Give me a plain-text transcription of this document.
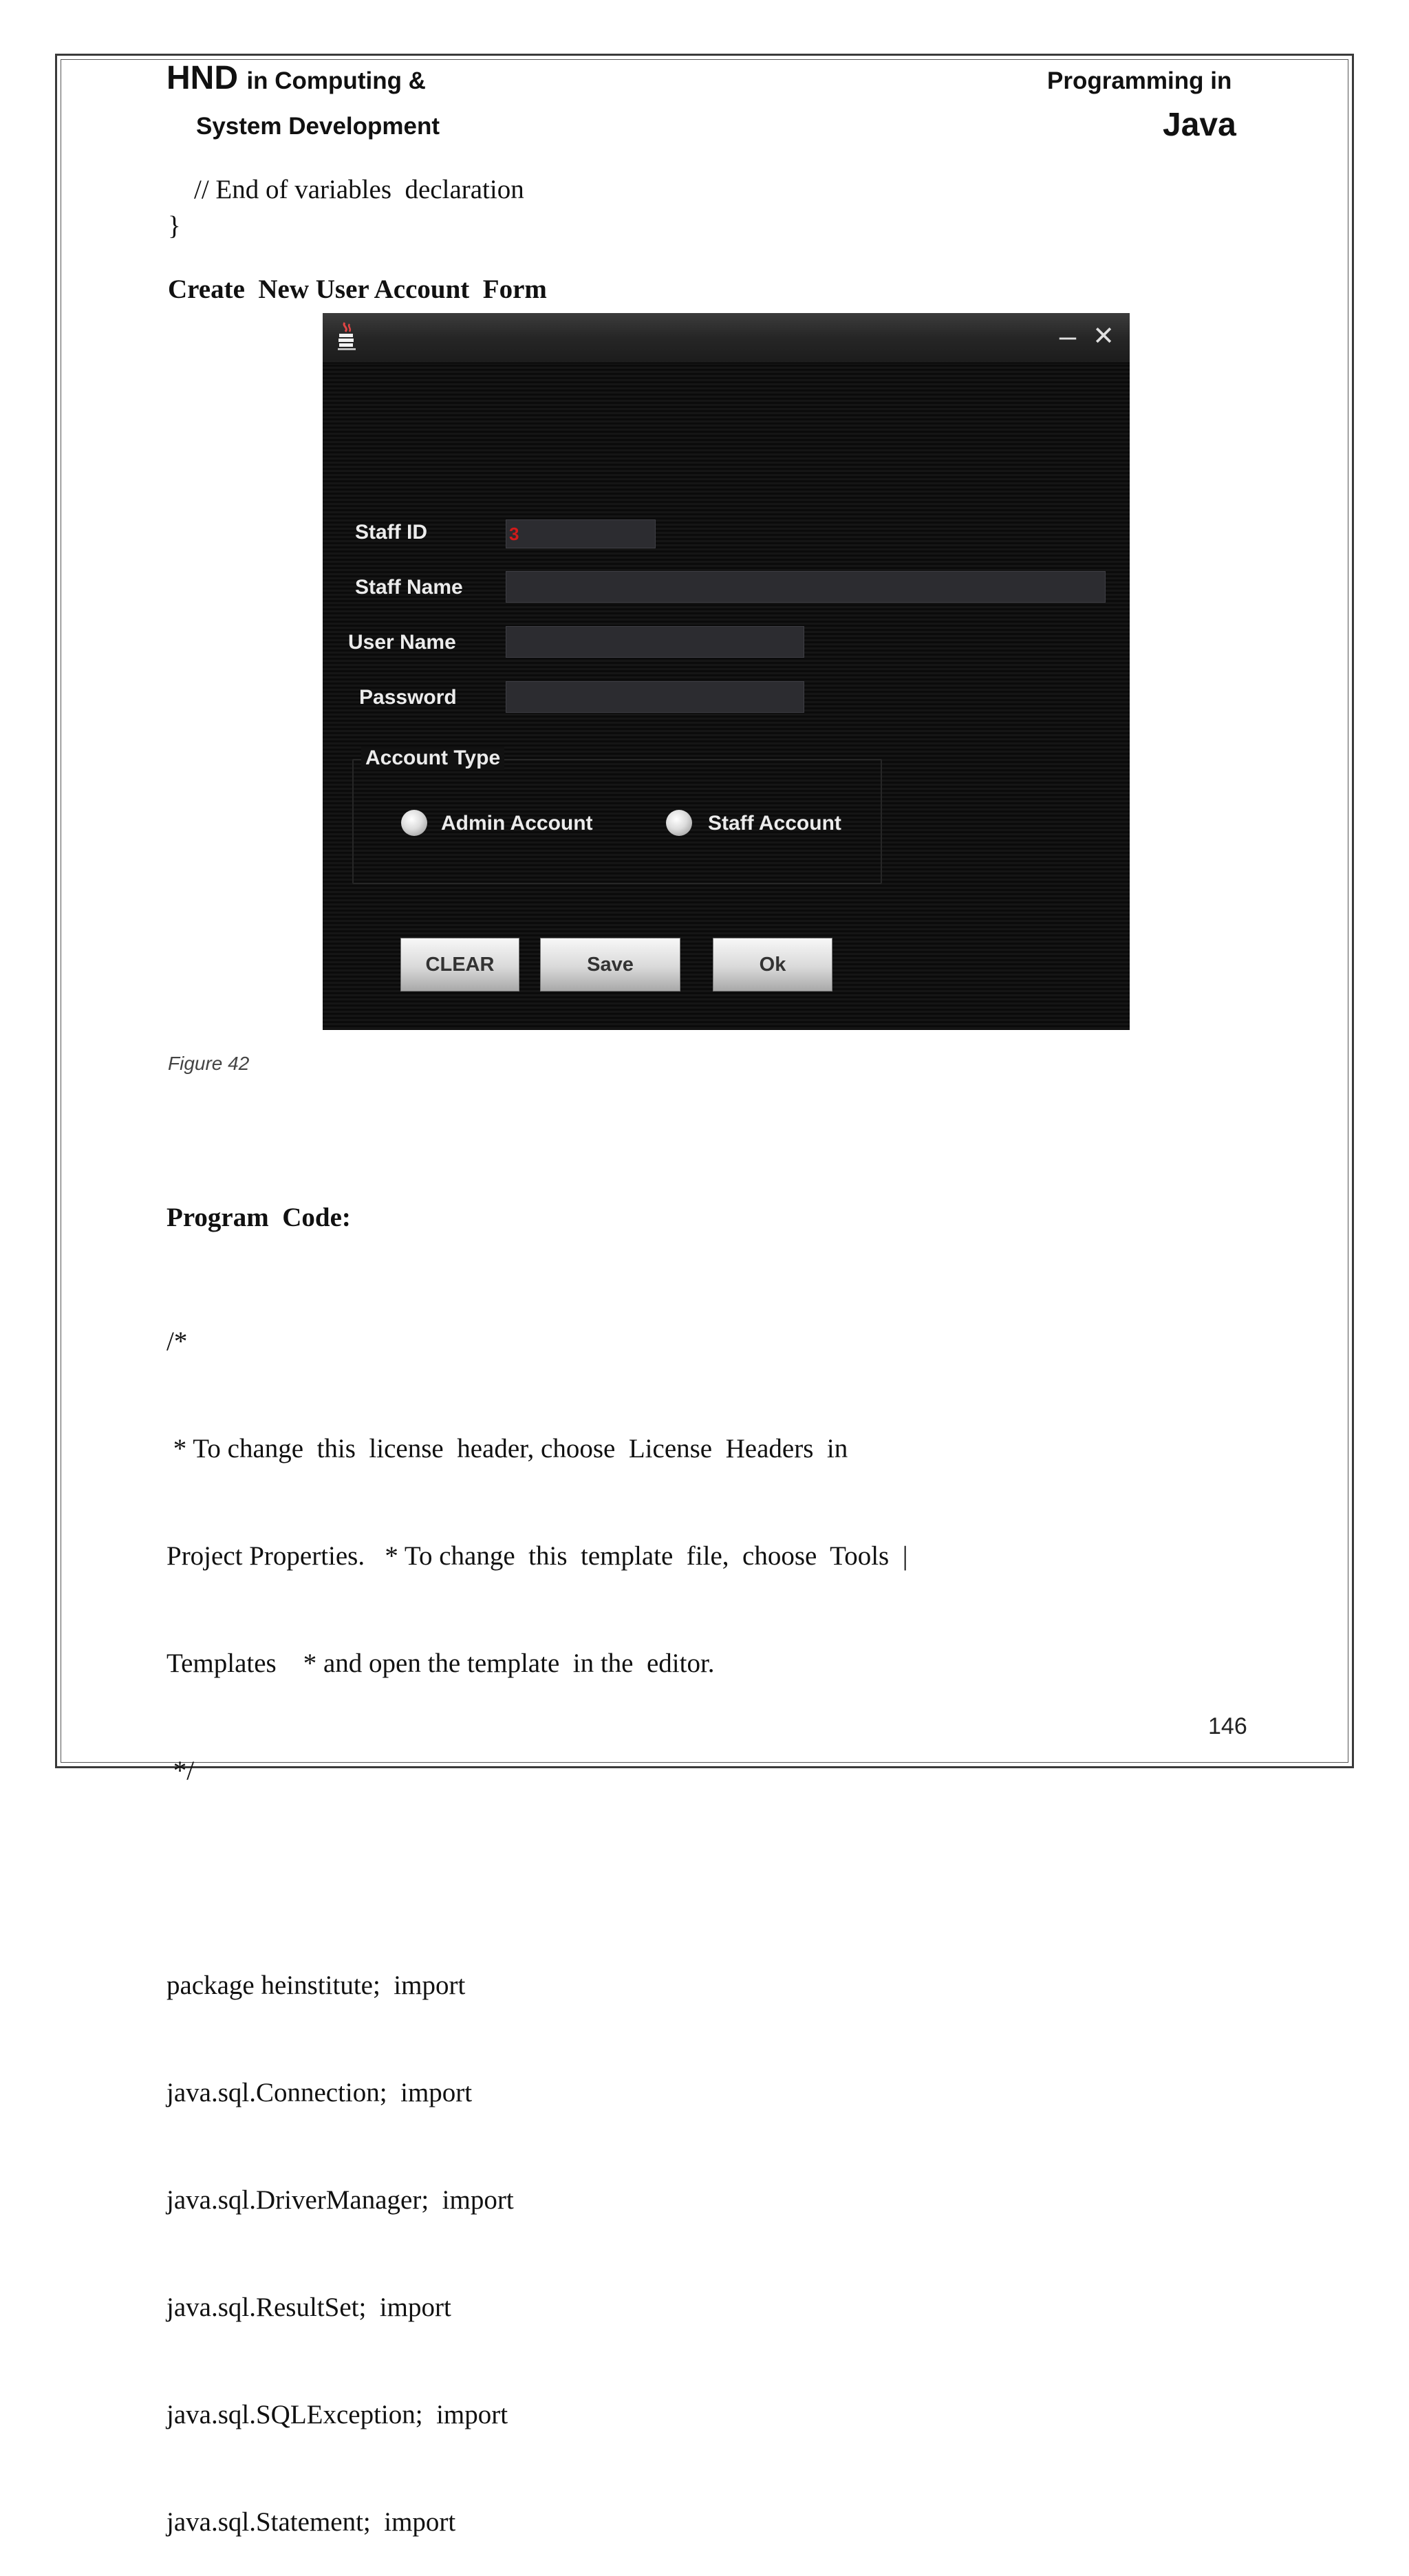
HND in Computing &
System Development
Programming in
Java
// End of variables  declaration
}
Create  New User Account  Form
– ✕
Staff ID	3
Staff Name
User Name
Password
Account Type
Admin Account	Staff Account
CLEAR	Save	Ok
Figure 42
Program  Code:

/*

* To change  this  license  header, choose  License  Headers  in

Project Properties.   * To change  this  template  file,  choose  Tools  |

Templates    * and open the template  in the  editor.

*/

package heinstitute;  import

java.sql.Connection;  import

java.sql.DriverManager;  import

java.sql.ResultSet;  import

java.sql.SQLException;  import

java.sql.Statement;  import

146
